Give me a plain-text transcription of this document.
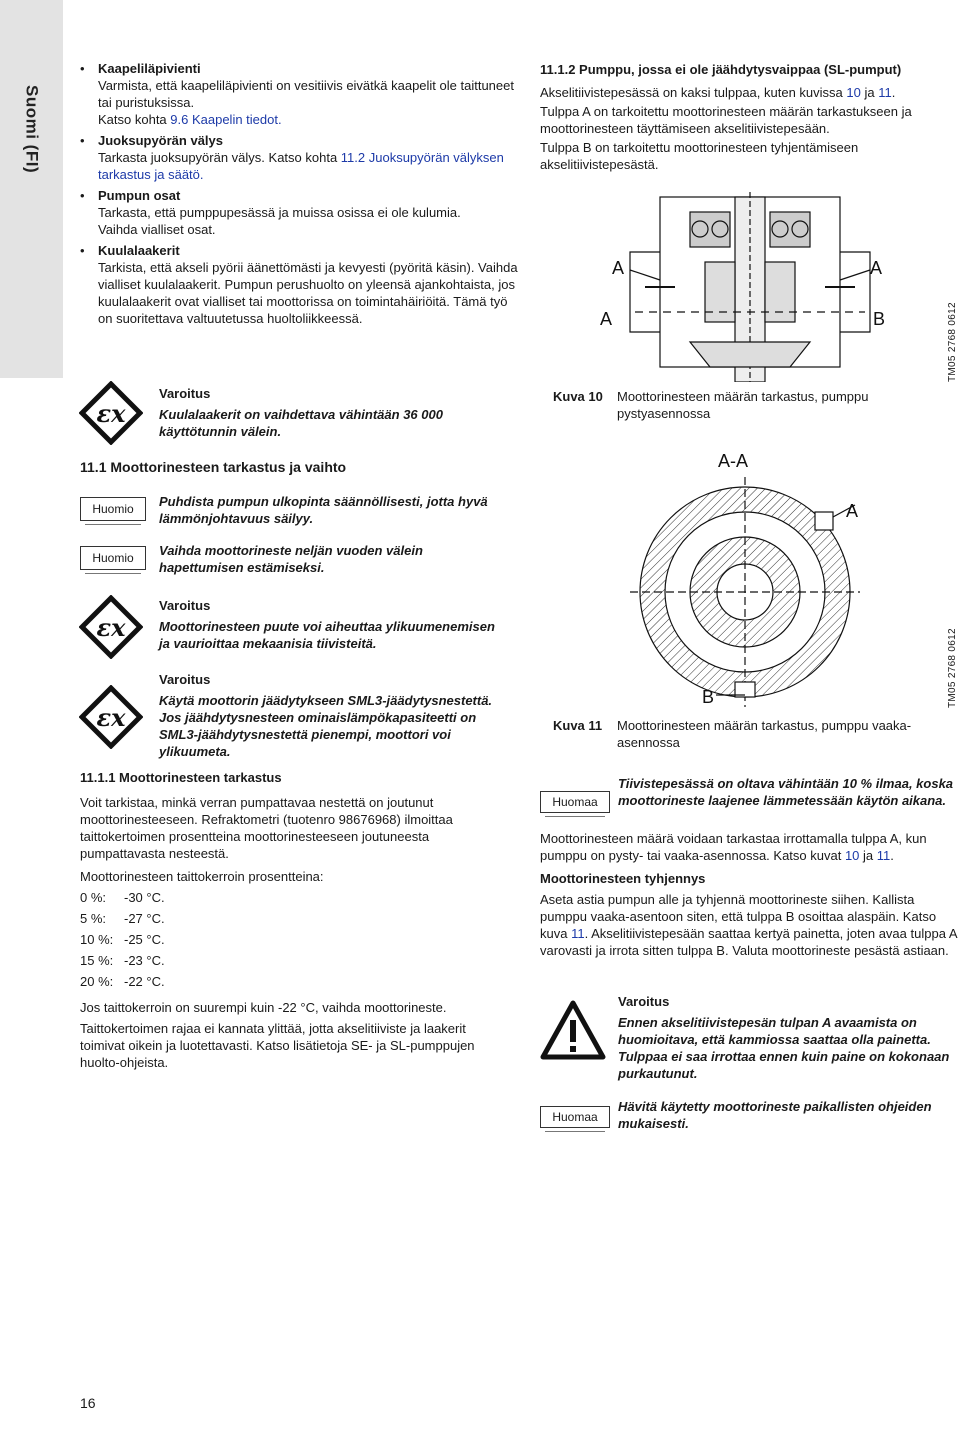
Suomi (FI)
• Kaapeliläpivienti
Varmista, että kaapeliläpivienti on vesitiivis eivätkä kaapelit ole taittuneet tai puristuksissa.
Katso kohta 9.6 Kaapelin tiedot.
• Juoksupyörän välys
Tarkasta juoksupyörän välys. Katso kohta 11.2 Juoksupyörän välyksen tarkastus ja säätö.
• Pumpun osat
Tarkasta, että pumppupesässä ja muissa osissa ei ole kulumia.
Vaihda vialliset osat.
• Kuulalaakerit
Tarkista, että akseli pyörii äänettömästi ja kevyesti (pyöritä käsin). Vaihda vialliset kuulalaakerit. Pumpun perushuolto on yleensä ajankohtaista, jos kuulalaakerit ovat vialliset tai moottorissa on toimintahäiriöitä. Tämä työ on suoritettava valtuutetussa huoltoliikkeessä.
εx

Varoitus

Kuulalaakerit on vaihdettava vähintään 36 000 käyttötunnin välein.

11.1 Moottorinesteen tarkastus ja vaihto
Huomio	Puhdista pumpun ulkopinta säännöllisesti, jotta hyvä lämmönjohtavuus säilyy.
Huomio	Vaihda moottorineste neljän vuoden välein hapettumisen estämiseksi.
εx

Varoitus

Moottorinesteen puute voi aiheuttaa ylikuumenemisen ja vaurioittaa mekaanisia tiivisteitä.

εx

Varoitus

Käytä moottorin jäädytykseen SML3-jäädytysnestettä. Jos jäähdytysnesteen ominaislämpökapasiteetti on SML3-jäähdytysnestettä pienempi, moottori voi ylikuumeta.

11.1.1 Moottorinesteen tarkastus

Voit tarkistaa, minkä verran pumpattavaa nestettä on joutunut moottorinesteeseen. Refraktometri (tuotenro 98676968) ilmoittaa taittokertoimen prosentteina moottorinesteeseen joutuneesta pumpattavasta nesteestä.

Moottorinesteen taittokerroin prosentteina:

0 %: -30 °C.
5 %: -27 °C.
10 %: -25 °C.
15 %: -23 °C.
20 %: -22 °C.

Jos taittokerroin on suurempi kuin -22 °C, vaihda moottorineste.

Taittokertoimen rajaa ei kannata ylittää, jotta akselitiiviste ja laakerit toimivat oikein ja luotettavasti. Katso lisätietoja SE- ja SL-pumppujen huolto-ohjeista.

16
11.1.2 Pumppu, jossa ei ole jäähdytysvaippaa (SL-pumput)

Akselitiivistepesässä on kaksi tulppaa, kuten kuvissa 10 ja 11.

Tulppa A on tarkoitettu moottorinesteen määrän tarkastukseen ja moottorinesteen täyttämiseen akselitiivistepesään.

Tulppa B on tarkoitettu moottorinesteen tyhjentämiseen akselitiivistepesästä.

A
A
A
B	TM05 2768 0612
Kuva 10 Moottorinesteen määrän tarkastus, pumppu pystyasennossa
A-A
A
B	TM05 2768 0612
Kuva 11 Moottorinesteen määrän tarkastus, pumppu vaaka-asennossa
Huomaa
Tiivistepesässä on oltava vähintään 10 % ilmaa, koska moottorineste laajenee lämmetessään käytön aikana.

Moottorinesteen määrä voidaan tarkastaa irrottamalla tulppa A, kun pumppu on pysty- tai vaaka-asennossa. Katso kuvat 10 ja 11.

Moottorinesteen tyhjennys

Aseta astia pumpun alle ja tyhjennä moottorineste siihen. Kallista pumppu vaaka-asentoon siten, että tulppa B osoittaa alaspäin. Katso kuva 11. Akselitiivistepesään saattaa kertyä painetta, joten avaa tulppa A varovasti ja irrota sitten tulppa B. Valuta moottorineste pesästä astiaan.

Varoitus

Ennen akselitiivistepesän tulpan A avaamista on huomioitava, että kammiossa saattaa olla painetta. Tulppaa ei saa irrottaa ennen kuin paine on kokonaan purkautunut.

Huomaa
Hävitä käytetty moottorineste paikallisten ohjeiden mukaisesti.
